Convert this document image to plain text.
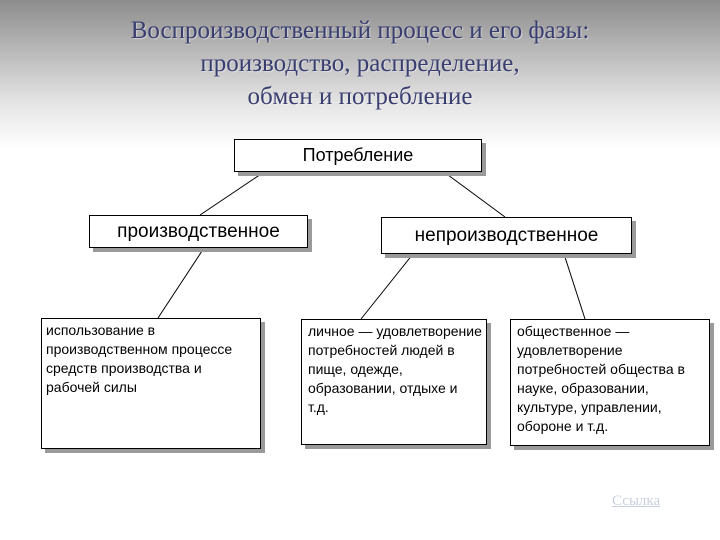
Воспроизводственный процесс и его фазы:
производство, распределение,
обмен и потребление
Потребление
производственное	непроизводственное
использование в производственном процессе средств производства и рабочей силы
личное — удовлетворение потребностей людей в пище, одежде, образовании, отдыхе и т.д.
общественное — удовлетворение потребностей общества в науке, образовании, культуре, управлении, обороне и т.д.
Ссылка
